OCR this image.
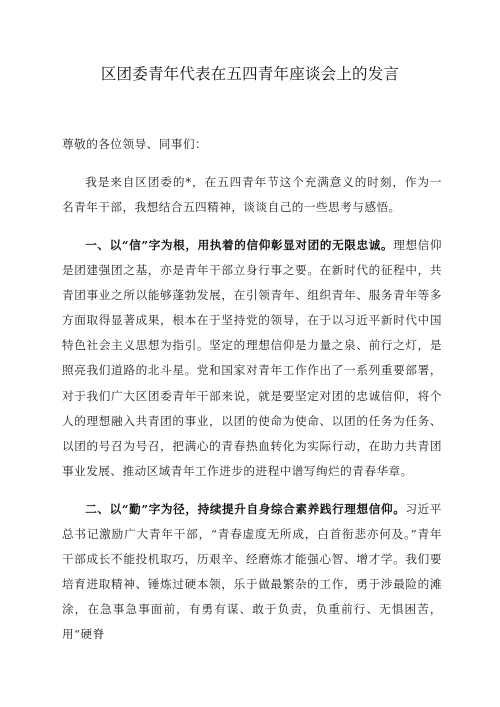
区团委青年代表在五四青年座谈会上的发言

尊敬的各位领导、同事们：

我是来自区团委的*，在五四青年节这个充满意义的时刻，作为一名青年干部，我想结合五四精神，谈谈自己的一些思考与感悟。

一、以“信”字为根，用执着的信仰彰显对团的无限忠诚。理想信仰是团建强团之基，亦是青年干部立身行事之要。在新时代的征程中，共青团事业之所以能够蓬勃发展，在引领青年、组织青年、服务青年等多方面取得显著成果，根本在于坚持党的领导，在于以习近平新时代中国特色社会主义思想为指引。坚定的理想信仰是力量之泉、前行之灯，是照亮我们道路的北斗星。党和国家对青年工作作出了一系列重要部署，对于我们广大区团委青年干部来说，就是要坚定对团的忠诚信仰，将个人的理想融入共青团的事业，以团的使命为使命、以团的任务为任务、以团的号召为号召，把满心的青春热血转化为实际行动，在助力共青团事业发展、推动区域青年工作进步的进程中谱写绚烂的青春华章。

二、以“勤”字为径，持续提升自身综合素养践行理想信仰。习近平总书记激励广大青年干部，“青春虚度无所成，白首衔悲亦何及。”青年干部成长不能投机取巧，历艰辛、经磨炼才能强心智、增才学。我们要培育进取精神、锤炼过硬本领，乐于做最繁杂的工作，勇于涉最险的滩涂，在急事急事面前，有勇有谋、敢于负责，负重前行、无惧困苦，用“硬脊
